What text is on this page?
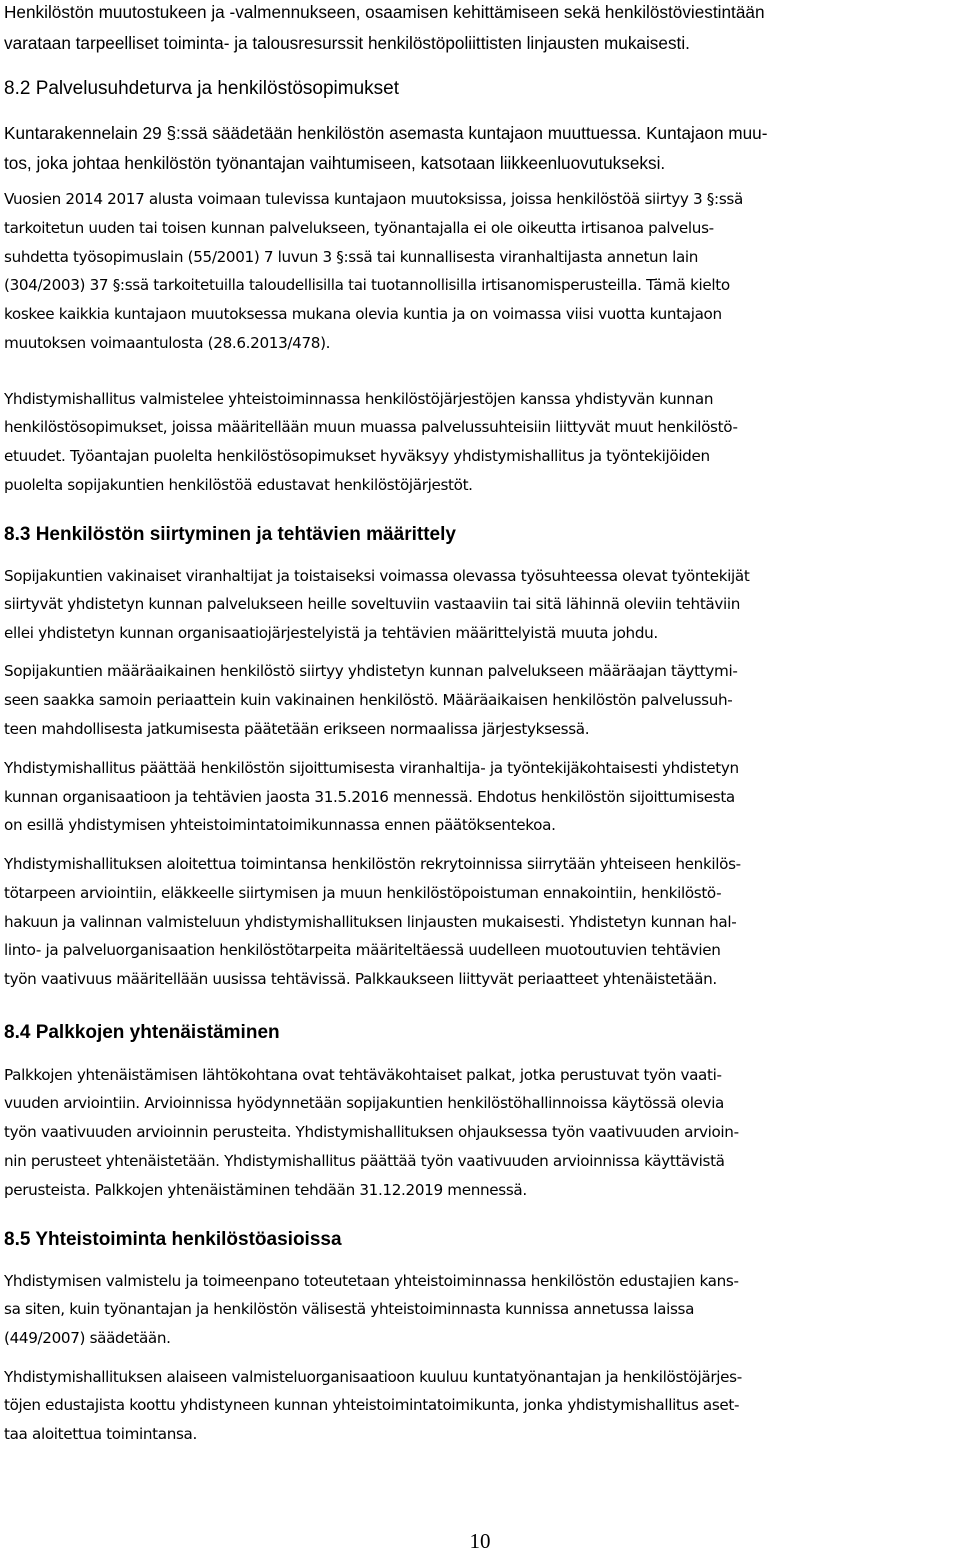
Henkilöstön muutostukeen ja -valmennukseen, osaamisen kehittämiseen sekä henkilöstöviestintään

varataan tarpeelliset toiminta- ja talousresurssit henkilöstöpoliittisten linjausten mukaisesti.

8.2 Palvelusuhdeturva ja henkilöstösopimukset

Kuntarakennelain 29 §:ssä säädetään henkilöstön asemasta kuntajaon muuttuessa. Kuntajaon muu-

tos, joka johtaa henkilöstön työnantajan vaihtumiseen, katsotaan liikkeenluovutukseksi.

Vuosien 2014 2017 alusta voimaan tulevissa kuntajaon muutoksissa, joissa henkilöstöä siirtyy 3 §:ssä

tarkoitetun uuden tai toisen kunnan palvelukseen, työnantajalla ei ole oikeutta irtisanoa palvelus-

suhdetta työsopimuslain (55/2001) 7 luvun 3 §:ssä tai kunnallisesta viranhaltijasta annetun lain

(304/2003) 37 §:ssä tarkoitetuilla taloudellisilla tai tuotannollisilla irtisanomisperusteilla. Tämä kielto

koskee kaikkia kuntajaon muutoksessa mukana olevia kuntia ja on voimassa viisi vuotta kuntajaon

muutoksen voimaantulosta (28.6.2013/478).

Yhdistymishallitus valmistelee yhteistoiminnassa henkilöstöjärjestöjen kanssa yhdistyvän kunnan

henkilöstösopimukset, joissa määritellään muun muassa palvelussuhteisiin liittyvät muut henkilöstö-

etuudet. Työantajan puolelta henkilöstösopimukset hyväksyy yhdistymishallitus ja työntekijöiden

puolelta sopijakuntien henkilöstöä edustavat henkilöstöjärjestöt.

8.3 Henkilöstön siirtyminen ja tehtävien määrittely

Sopijakuntien vakinaiset viranhaltijat ja toistaiseksi voimassa olevassa työsuhteessa olevat työntekijät

siirtyvät yhdistetyn kunnan palvelukseen heille soveltuviin vastaaviin tai sitä lähinnä oleviin tehtäviin

ellei yhdistetyn kunnan organisaatiojärjestelyistä ja tehtävien määrittelyistä muuta johdu.

Sopijakuntien määräaikainen henkilöstö siirtyy yhdistetyn kunnan palvelukseen määräajan täyttymi-

seen saakka samoin periaattein kuin vakinainen henkilöstö. Määräaikaisen henkilöstön palvelussuh-

teen mahdollisesta jatkumisesta päätetään erikseen normaalissa järjestyksessä.

Yhdistymishallitus päättää henkilöstön sijoittumisesta viranhaltija- ja työntekijäkohtaisesti yhdistetyn

kunnan organisaatioon ja tehtävien jaosta 31.5.2016 mennessä. Ehdotus henkilöstön sijoittumisesta

on esillä yhdistymisen yhteistoimintatoimikunnassa ennen päätöksentekoa.

Yhdistymishallituksen aloitettua toimintansa henkilöstön rekrytoinnissa siirrytään yhteiseen henkilös-

tötarpeen arviointiin, eläkkeelle siirtymisen ja muun henkilöstöpoistuman ennakointiin, henkilöstö-

hakuun ja valinnan valmisteluun yhdistymishallituksen linjausten mukaisesti. Yhdistetyn kunnan hal-

linto- ja palveluorganisaation henkilöstötarpeita määriteltäessä uudelleen muotoutuvien tehtävien

työn vaativuus määritellään uusissa tehtävissä. Palkkaukseen liittyvät periaatteet yhtenäistetään.

8.4 Palkkojen yhtenäistäminen

Palkkojen yhtenäistämisen lähtökohtana ovat tehtäväkohtaiset palkat, jotka perustuvat työn vaati-

vuuden arviointiin. Arvioinnissa hyödynnetään sopijakuntien henkilöstöhallinnoissa käytössä olevia

työn vaativuuden arvioinnin perusteita. Yhdistymishallituksen ohjauksessa työn vaativuuden arvioin-

nin perusteet yhtenäistetään. Yhdistymishallitus päättää työn vaativuuden arvioinnissa käyttävistä

perusteista. Palkkojen yhtenäistäminen tehdään 31.12.2019 mennessä.

8.5 Yhteistoiminta henkilöstöasioissa

Yhdistymisen valmistelu ja toimeenpano toteutetaan yhteistoiminnassa henkilöstön edustajien kans-

sa siten, kuin työnantajan ja henkilöstön välisestä yhteistoiminnasta kunnissa annetussa laissa

(449/2007) säädetään.

Yhdistymishallituksen alaiseen valmisteluorganisaatioon kuuluu kuntatyönantajan ja henkilöstöjärjes-

töjen edustajista koottu yhdistyneen kunnan yhteistoimintatoimikunta, jonka yhdistymishallitus aset-

taa aloitettua toimintansa.

10
